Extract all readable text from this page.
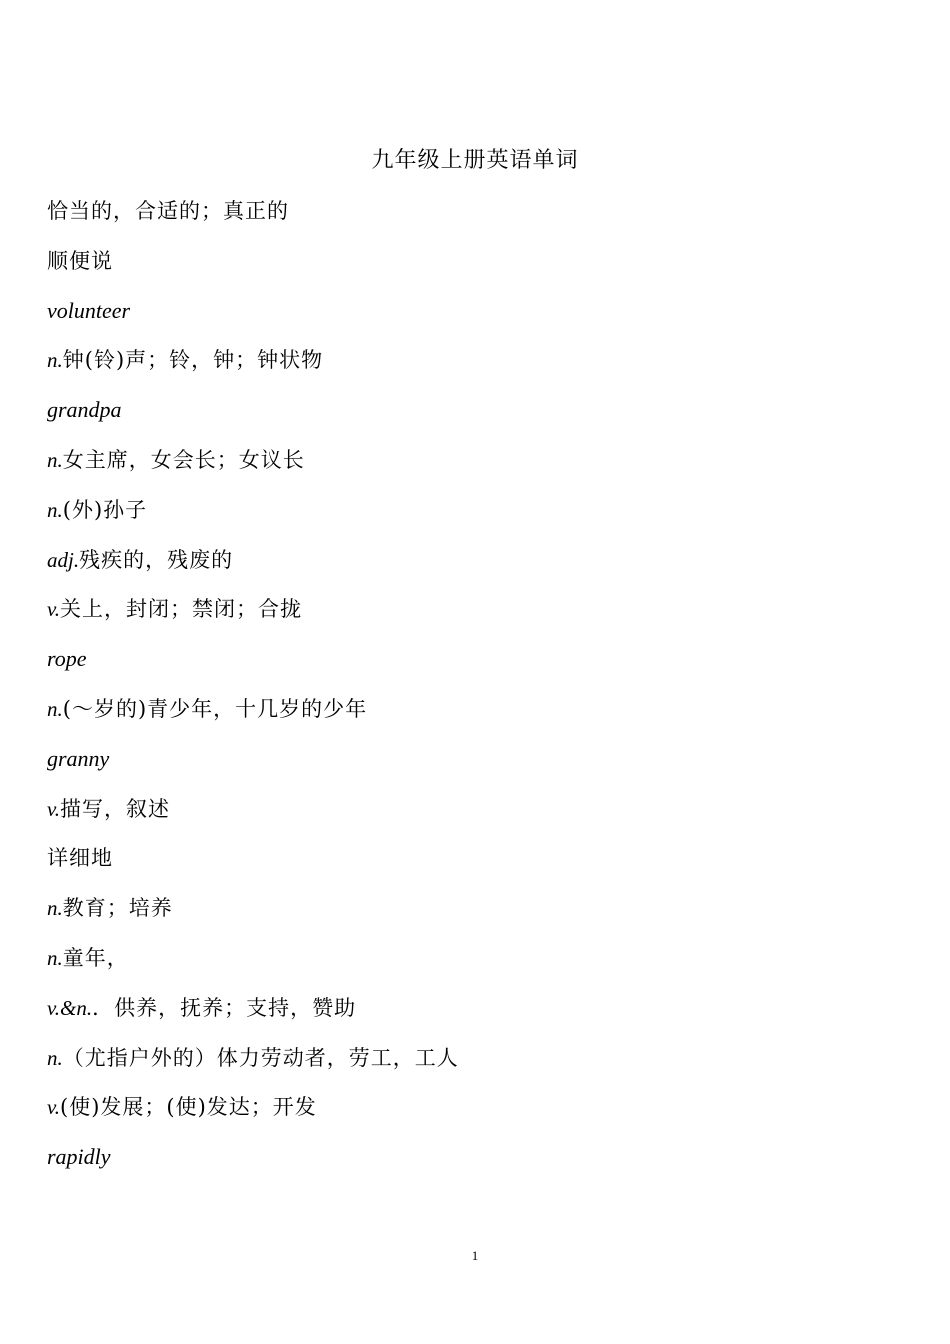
九年级上册英语单词
恰当的，合适的；真正的
顺便说
volunteer
n.钟(铃)声；铃，钟；钟状物
grandpa
n.女主席，女会长；女议长
n.(外)孙子
adj.残疾的，残废的
v.关上，封闭；禁闭；合拢
rope
n.(～岁的)青少年，十几岁的少年
granny
v.描写，叙述
详细地
n.教育；培养
n.童年，
v.&n.．供养，抚养；支持，赞助
n.（尤指户外的）体力劳动者，劳工，工人
v.(使)发展；(使)发达；开发
rapidly
1
